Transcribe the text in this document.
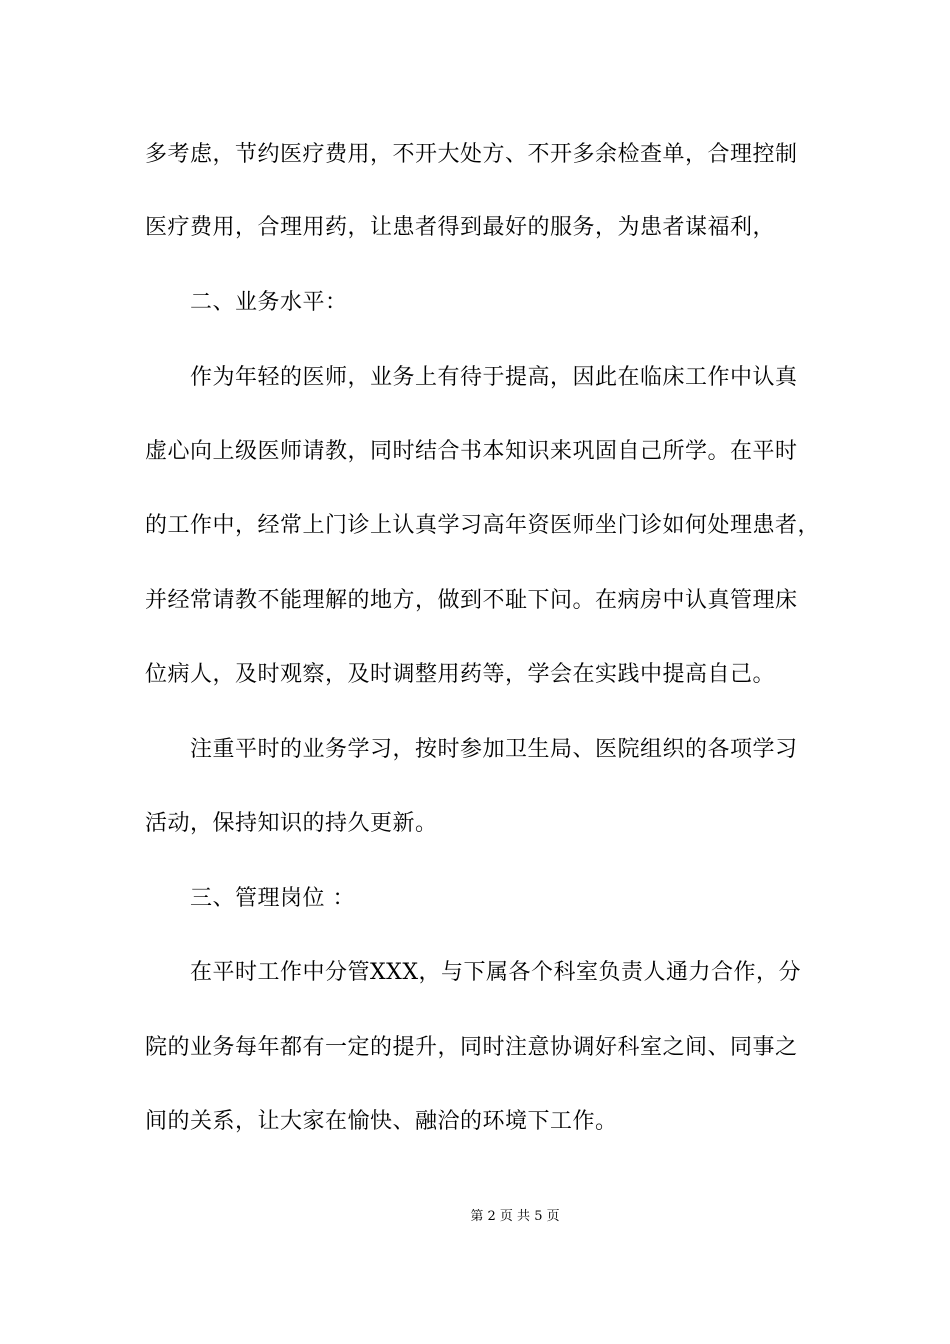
多考虑，节约医疗费用，不开大处方、不开多余检查单，合理控制
医疗费用，合理用药，让患者得到最好的服务，为患者谋福利，
二、业务水平：
作为年轻的医师，业务上有待于提高，因此在临床工作中认真
虚心向上级医师请教，同时结合书本知识来巩固自己所学。在平时
的工作中，经常上门诊上认真学习高年资医师坐门诊如何处理患者，
并经常请教不能理解的地方，做到不耻下问。在病房中认真管理床
位病人，及时观察，及时调整用药等，学会在实践中提高自己。
注重平时的业务学习，按时参加卫生局、医院组织的各项学习
活动，保持知识的持久更新。
三、管理岗位 ：
在平时工作中分管XXX，与下属各个科室负责人通力合作，分
院的业务每年都有一定的提升，同时注意协调好科室之间、同事之
间的关系，让大家在愉快、融洽的环境下工作。
第 2 页 共 5 页
